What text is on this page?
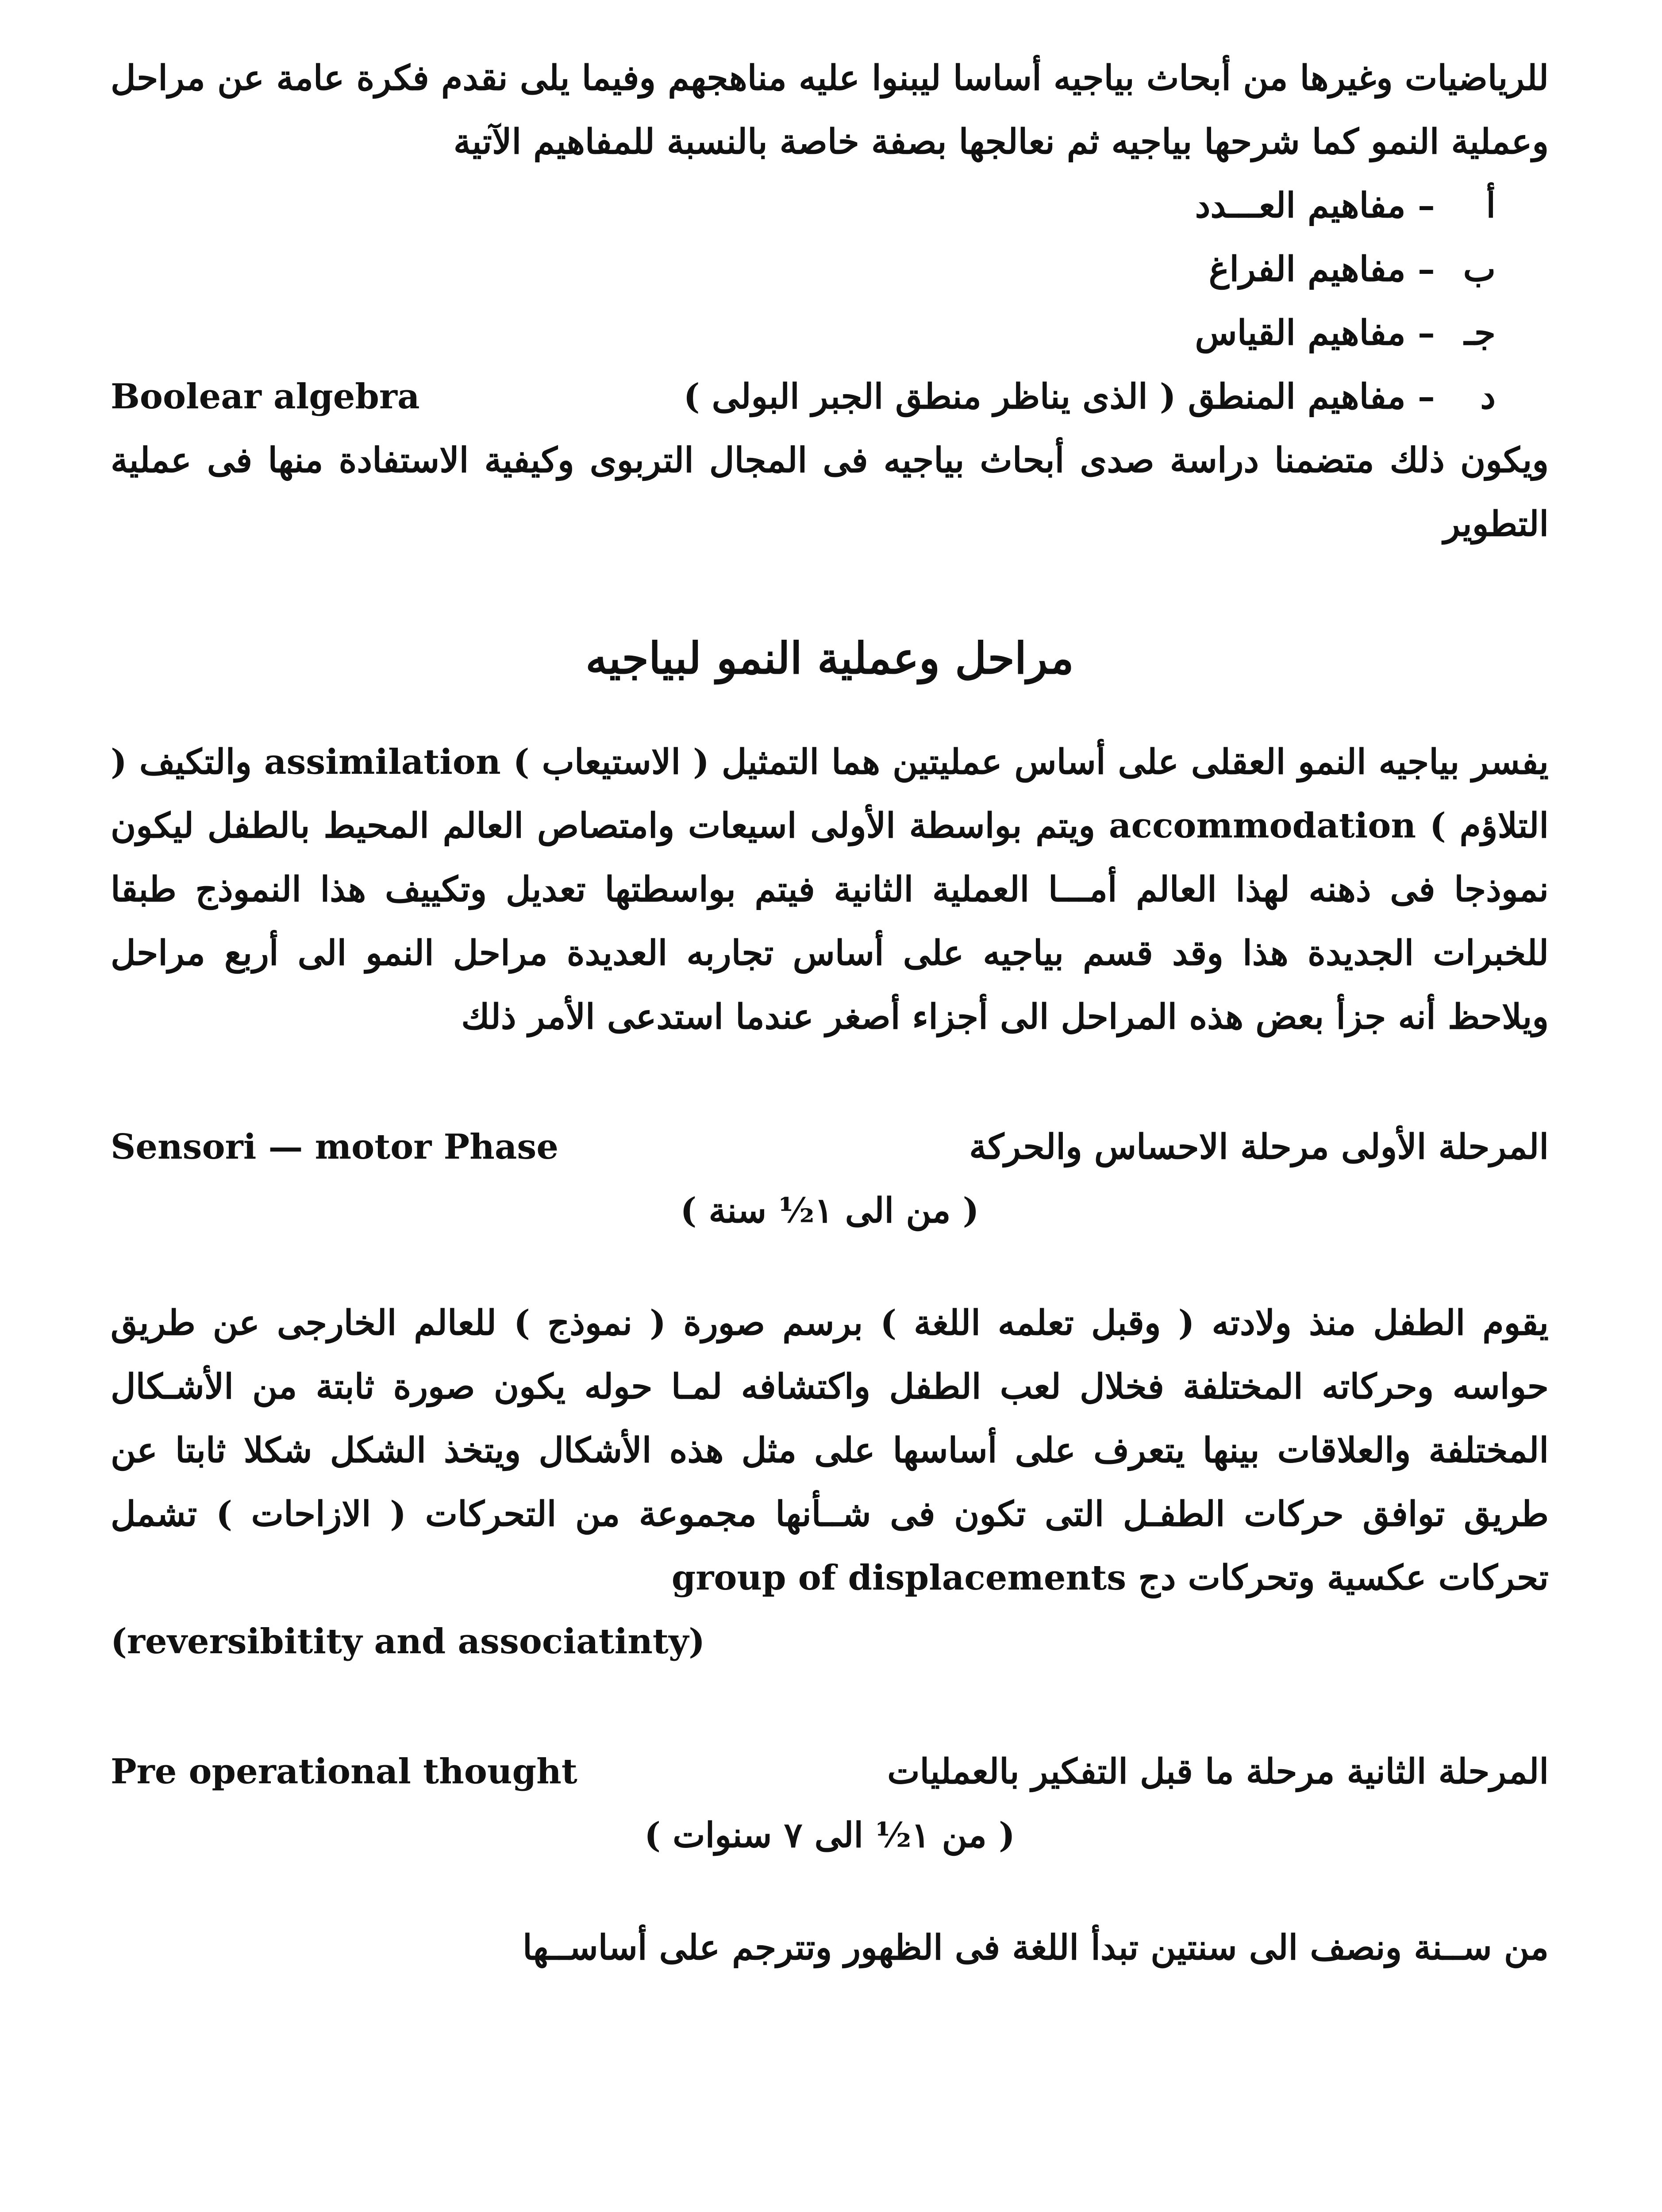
للرياضيات وغيرها من أبحاث بياجيه أساسا ليبنوا عليه مناهجهم وفيما يلى نقدم فكرة عامة عن مراحل وعملية النمو كما شرحها بياجيه ثم نعالجها بصفة خاصة بالنسبة للمفاهيم الآتية

أ – مفاهيم العـــدد
ب – مفاهيم الفراغ
جـ – مفاهيم القياس
د – مفاهيم المنطق ( الذى يناظر منطق الجبر البولى )
Boolear algebra

ويكون ذلك متضمنا دراسة صدى أبحاث بياجيه فى المجال التربوى وكيفية الاستفادة منها فى عملية التطوير

مراحل وعملية النمو لبياجيه

يفسر بياجيه النمو العقلى على أساس عمليتين هما التمثيل ( الاستيعاب ) assimilation والتكيف ( التلاؤم ) accommodation ويتم بواسطة الأولى اسيعات وامتصاص العالم المحيط بالطفل ليكون نموذجا فى ذهنه لهذا العالم أمـــا العملية الثانية فيتم بواسطتها تعديل وتكييف هذا النموذج طبقا للخبرات الجديدة هذا وقد قسم بياجيه على أساس تجاربه العديدة مراحل النمو الى أربع مراحل ويلاحظ أنه جزأ بعض هذه المراحل الى أجزاء أصغر عندما استدعى الأمر ذلك

المرحلة الأولى مرحلة الاحساس والحركة
Sensori — motor Phase

( من الى ١½ سنة )

يقوم الطفل منذ ولادته ( وقبل تعلمه اللغة ) برسم صورة ( نموذج ) للعالم الخارجى عن طريق حواسه وحركاته المختلفة فخلال لعب الطفل واكتشافه لمـا حوله يكون صورة ثابتة من الأشـكال المختلفة والعلاقات بينها يتعرف على أساسها على مثل هذه الأشكال ويتخذ الشكل شكلا ثابتا عن طريق توافق حركات الطفـل التى تكون فى شــأنها مجموعة من التحركات ( الازاحات ) تشمل تحركات عكسية وتحركات دج group of displacements

(reversibitity and associatinty)

المرحلة الثانية مرحلة ما قبل التفكير بالعمليات
Pre operational thought

( من ١½ الى ٧ سنوات )

من ســنة ونصف الى سنتين تبدأ اللغة فى الظهور وتترجم على أساســها
